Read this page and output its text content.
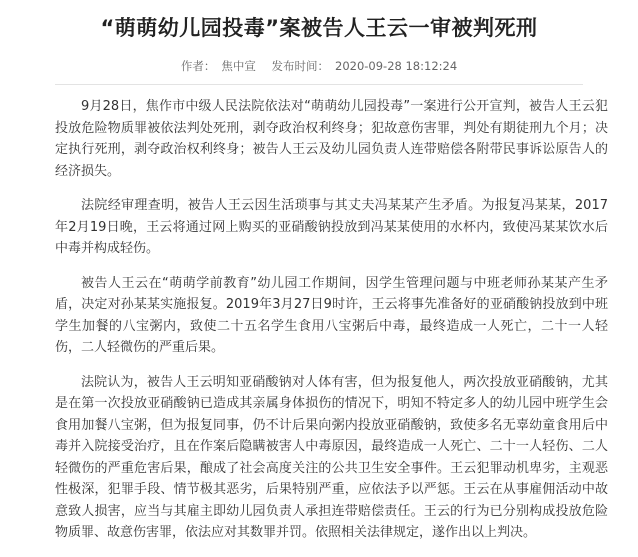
“萌萌幼儿园投毒”案被告人王云一审被判死刑
作者： 焦中宣 发布时间： 2020-09-28 18:12:24

9月28日，焦作市中级人民法院依法对“萌萌幼儿园投毒”一案进行公开宣判，被告人王云犯投放危险物质罪被依法判处死刑，剥夺政治权利终身；犯故意伤害罪，判处有期徒刑九个月；决定执行死刑，剥夺政治权利终身；被告人王云及幼儿园负责人连带赔偿各附带民事诉讼原告人的经济损失。

法院经审理查明，被告人王云因生活琐事与其丈夫冯某某产生矛盾。为报复冯某某，2017年2月19日晚，王云将通过网上购买的亚硝酸钠投放到冯某某使用的水杯内，致使冯某某饮水后中毒并构成轻伤。

被告人王云在“萌萌学前教育”幼儿园工作期间，因学生管理问题与中班老师孙某某产生矛盾，决定对孙某某实施报复。2019年3月27日9时许，王云将事先准备好的亚硝酸钠投放到中班学生加餐的八宝粥内，致使二十五名学生食用八宝粥后中毒，最终造成一人死亡，二十一人轻伤，二人轻微伤的严重后果。

法院认为，被告人王云明知亚硝酸钠对人体有害，但为报复他人，两次投放亚硝酸钠，尤其是在第一次投放亚硝酸钠已造成其亲属身体损伤的情况下，明知不特定多人的幼儿园中班学生会食用加餐八宝粥，但为报复同事，仍不计后果向粥内投放亚硝酸钠，致使多名无辜幼童食用后中毒并入院接受治疗，且在作案后隐瞒被害人中毒原因，最终造成一人死亡、二十一人轻伤、二人轻微伤的严重危害后果，酿成了社会高度关注的公共卫生安全事件。王云犯罪动机卑劣，主观恶性极深，犯罪手段、情节极其恶劣，后果特别严重，应依法予以严惩。王云在从事雇佣活动中故意致人损害，应当与其雇主即幼儿园负责人承担连带赔偿责任。王云的行为已分别构成投放危险物质罪、故意伤害罪，依法应对其数罪并罚。依照相关法律规定，遂作出以上判决。
